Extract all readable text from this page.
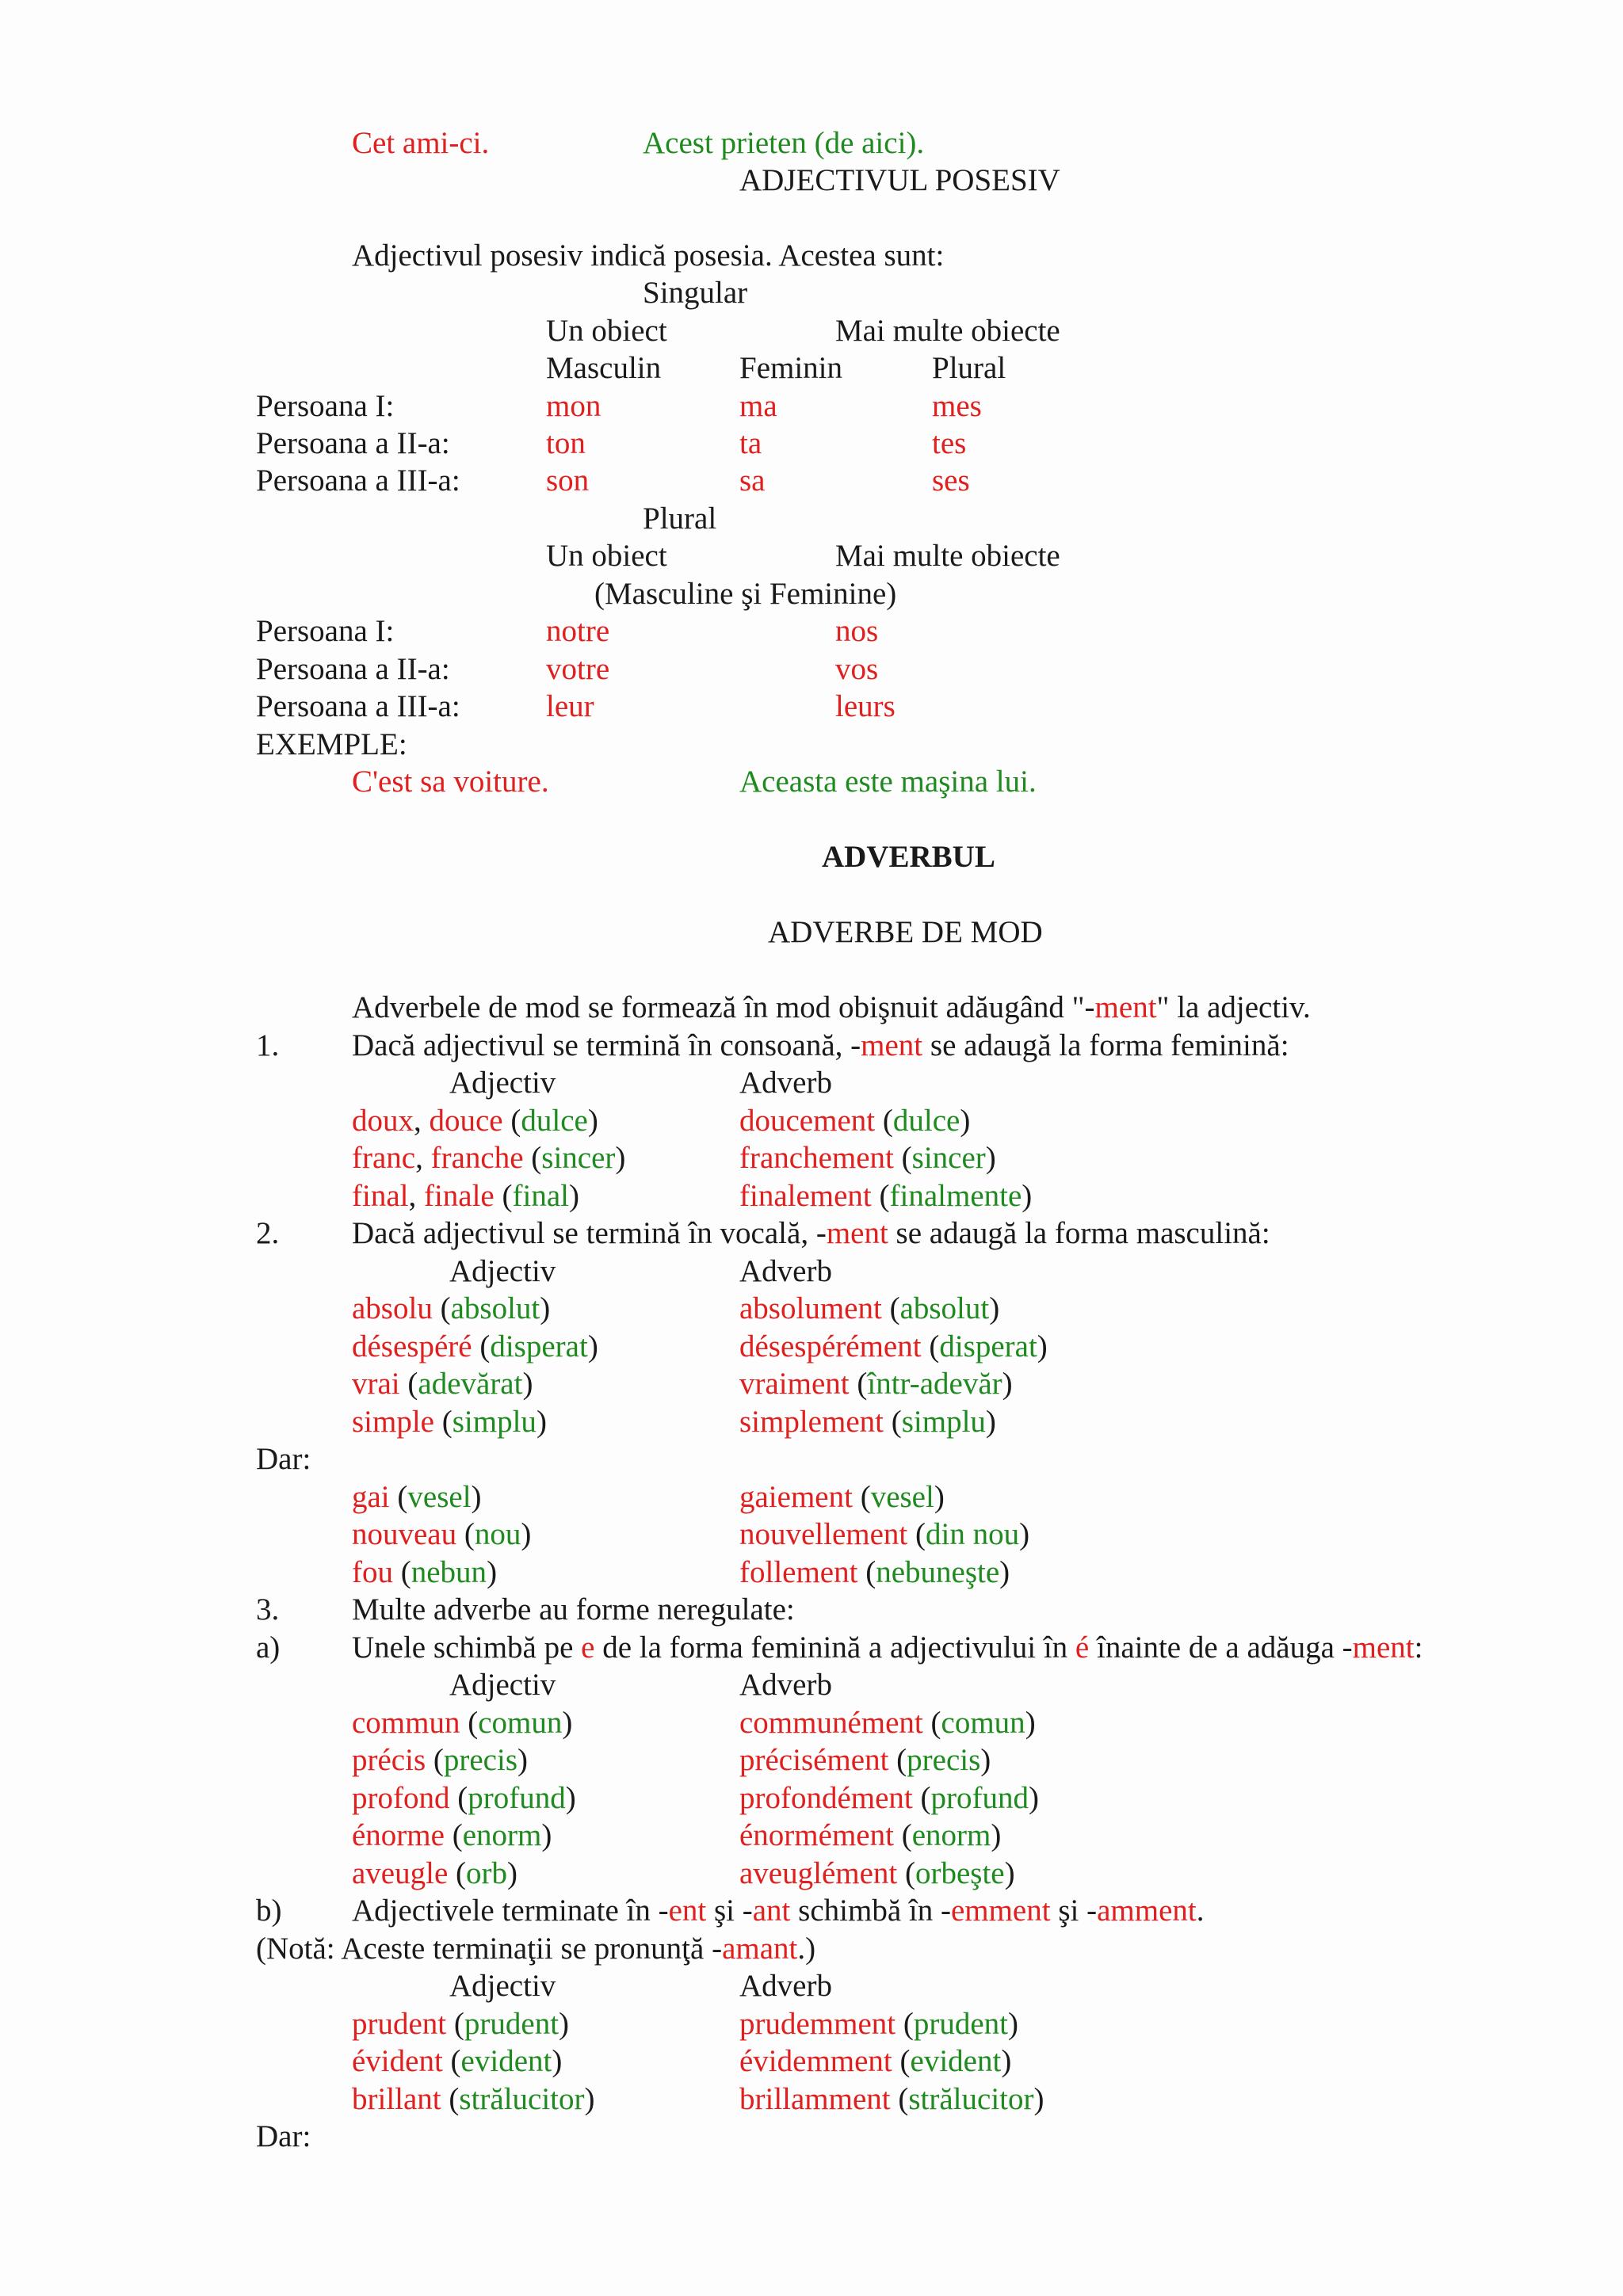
Cet ami-ci.	Acest prieten (de aici).
ADJECTIVUL POSESIV
Adjectivul posesiv indică posesia. Acestea sunt:
Singular
Un obiect	Mai multe obiecte
Masculin	Feminin	Plural
Persoana I:	mon	ma	mes
Persoana a II-a:	ton	ta	tes
Persoana a III-a:	son	sa	ses
Plural
Un obiect	Mai multe obiecte
(Masculine şi Feminine)
Persoana I:	notre	nos
Persoana a II-a:	votre	vos
Persoana a III-a:	leur	leurs
EXEMPLE:
C'est sa voiture.	Aceasta este maşina lui.
ADVERBUL
ADVERBE DE MOD
Adverbele de mod se formează în mod obişnuit adăugând "-ment" la adjectiv.
1. Dacă adjectivul se termină în consoană, -ment se adaugă la forma feminină:
Adjectiv	Adverb
doux, douce (dulce)	doucement (dulce)
franc, franche (sincer)	franchement (sincer)
final, finale (final)	finalement (finalmente)
2. Dacă adjectivul se termină în vocală, -ment se adaugă la forma masculină:
Adjectiv	Adverb
absolu (absolut)	absolument (absolut)
désespéré (disperat)	désespérément (disperat)
vrai (adevărat)	vraiment (într-adevăr)
simple (simplu)	simplement (simplu)
Dar:
gai (vesel)	gaiement (vesel)
nouveau (nou)	nouvellement (din nou)
fou (nebun)	follement (nebuneşte)
3. Multe adverbe au forme neregulate:
a) Unele schimbă pe e de la forma feminină a adjectivului în é înainte de a adăuga -ment:
Adjectiv	Adverb
commun (comun)	communément (comun)
précis (precis)	précisément (precis)
profond (profund)	profondément (profund)
énorme (enorm)	énormément (enorm)
aveugle (orb)	aveuglément (orbeşte)
b) Adjectivele terminate în -ent şi -ant schimbă în -emment şi -amment.
(Notă: Aceste terminaţii se pronunţă -amant.)
Adjectiv	Adverb
prudent (prudent)	prudemment (prudent)
évident (evident)	évidemment (evident)
brillant (strălucitor)	brillamment (strălucitor)
Dar:
